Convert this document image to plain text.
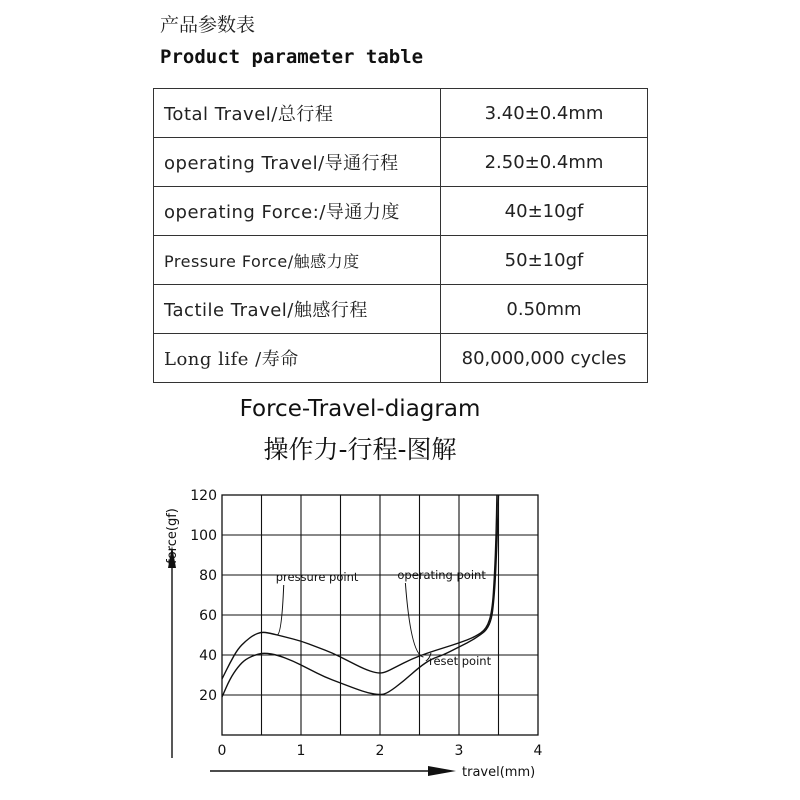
产品参数表
Product parameter table
Total Travel/总行程	3.40±0.4mm
operating Travel/导通行程	2.50±0.4mm
operating Force:/导通力度	40±10gf
Pressure Force/触感力度	50±10gf
Tactile Travel/触感行程	0.50mm
Long life /寿命	80,000,000 cycles
Force-Travel-diagram
操作力-行程-图解
20
40
60
80
100
120
0	1	2	3	4
pressure point	operating point
reset point
force(gf)
travel(mm)
